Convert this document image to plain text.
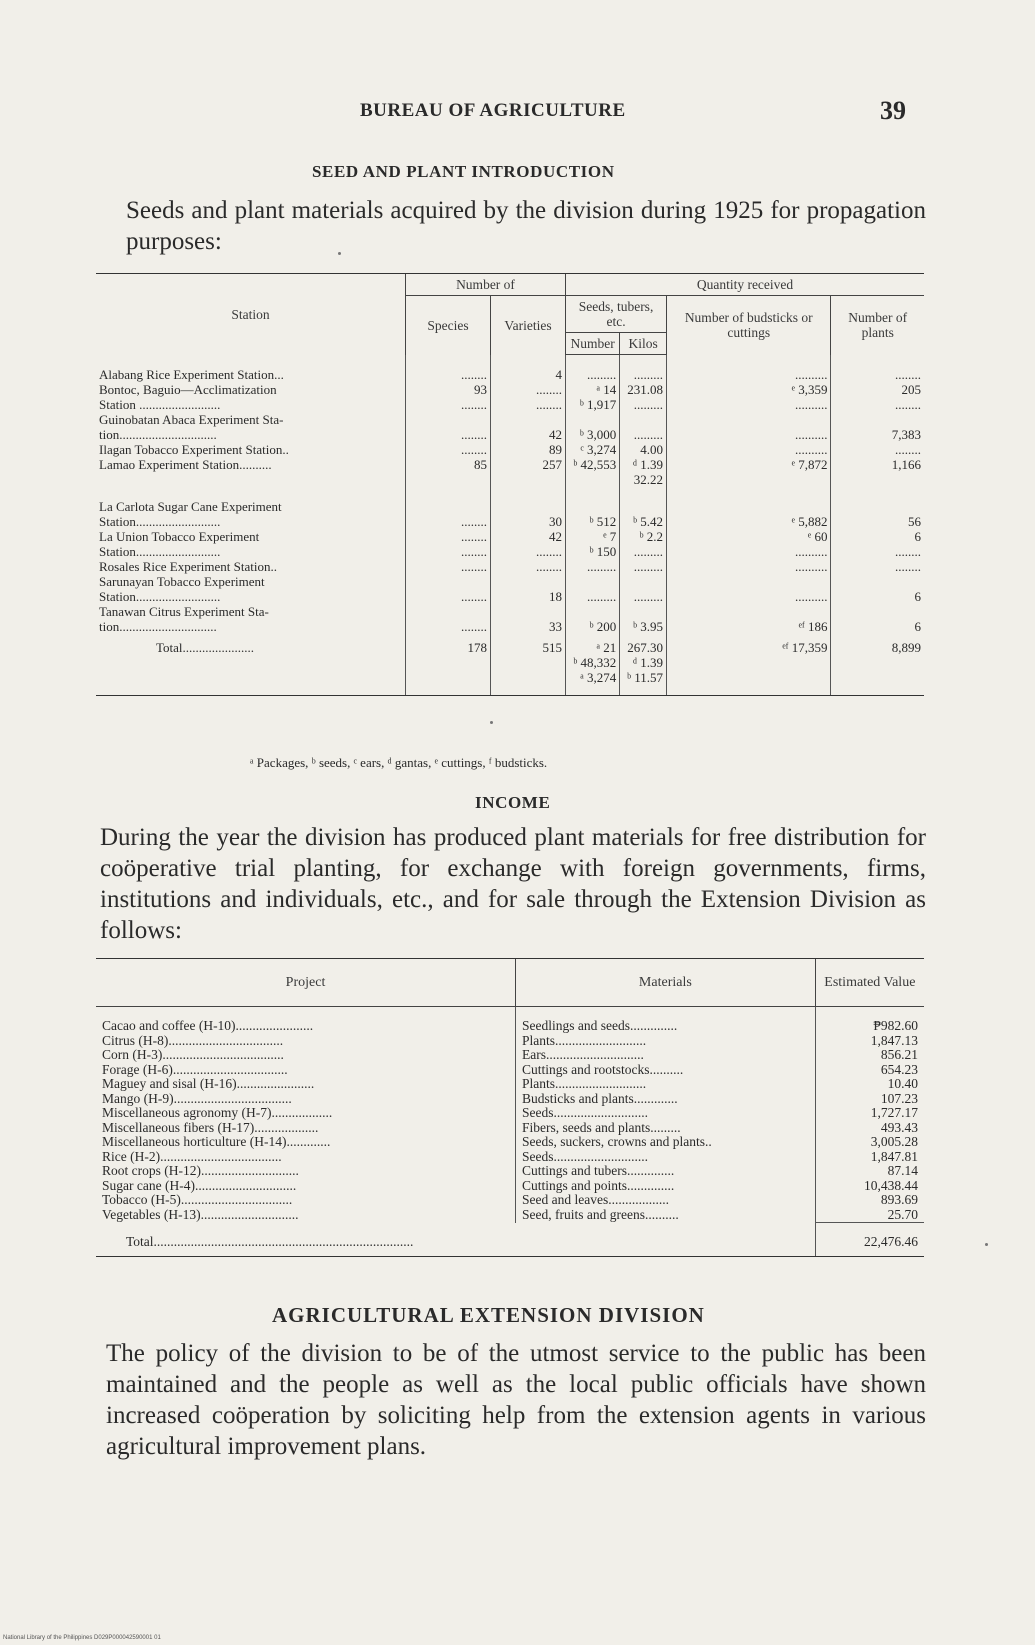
BUREAU OF AGRICULTURE	39
SEED AND PLANT INTRODUCTION
Seeds and plant materials acquired by the division during 1925 for propagation purposes:
Station	Number of		Quantity received			
	Species	Varieties	Seeds, tubers, etc.		Number of budsticks or cuttings	Number of plants
			Number	Kilos		
Alabang Rice Experiment Station...	........	4	.........	.........	..........	........
Bontoc, Baguio—Acclimatization	93	........	ᵃ 14	231.08	ᵉ 3,359	205
Station .........................	........	........	ᵇ 1,917	.........	..........	........
Guinobatan Abaca Experiment Sta-						
tion..............................	........	42	ᵇ 3,000	.........	..........	7,383
Ilagan Tobacco Experiment Station..	........	89	ᶜ 3,274	4.00	..........	........
Lamao Experiment Station..........	85	257	ᵇ 42,553	ᵈ 1.39	ᵉ 7,872	1,166
				32.22		

La Carlota Sugar Cane Experiment						
Station..........................	........	30	ᵇ 512	ᵇ 5.42	ᵉ 5,882	56
La Union Tobacco Experiment	........	42	ᵉ 7	ᵇ 2.2	ᵉ 60	6
Station..........................	........	........	ᵇ 150	.........	..........	........
Rosales Rice Experiment Station..	........	........	.........	.........	..........	........
Sarunayan Tobacco Experiment						
Station..........................	........	18	.........	.........	..........	6
Tanawan Citrus Experiment Sta-						
tion..............................	........	33	ᵇ 200	ᵇ 3.95	ᵉᶠ 186	6
Total......................	178	515	ᵃ 21	267.30	ᵉᶠ 17,359	8,899
			ᵇ 48,332	ᵈ 1.39		
			ᵃ 3,274	ᵇ 11.57		
ᵃ Packages, ᵇ seeds, ᶜ ears, ᵈ gantas, ᵉ cuttings, ᶠ budsticks.
INCOME
During the year the division has produced plant materials for free distribution for coöperative trial planting, for exchange with foreign governments, firms, institutions and individuals, etc., and for sale through the Extension Division as follows:
Project	Materials	Estimated Value
Cacao and coffee (H-10).......................	Seedlings and seeds..............	₱982.60
Citrus (H-8)..................................	Plants...........................	1,847.13
Corn (H-3)....................................	Ears.............................	856.21
Forage (H-6)..................................	Cuttings and rootstocks..........	654.23
Maguey and sisal (H-16).......................	Plants...........................	10.40
Mango (H-9)...................................	Budsticks and plants.............	107.23
Miscellaneous agronomy (H-7)..................	Seeds............................	1,727.17
Miscellaneous fibers (H-17)...................	Fibers, seeds and plants.........	493.43
Miscellaneous horticulture (H-14).............	Seeds, suckers, crowns and plants..	3,005.28
Rice (H-2)....................................	Seeds............................	1,847.81
Root crops (H-12).............................	Cuttings and tubers..............	87.14
Sugar cane (H-4)..............................	Cuttings and points..............	10,438.44
Tobacco (H-5).................................	Seed and leaves..................	893.69
Vegetables (H-13).............................	Seed, fruits and greens..........	25.70
Total.............................................................................		22,476.46
AGRICULTURAL EXTENSION DIVISION
The policy of the division to be of the utmost service to the public has been maintained and the people as well as the local public officials have shown increased coöperation by soliciting help from the extension agents in various agricultural improvement plans.
National Library of the Philippines D029P000042590001 01
